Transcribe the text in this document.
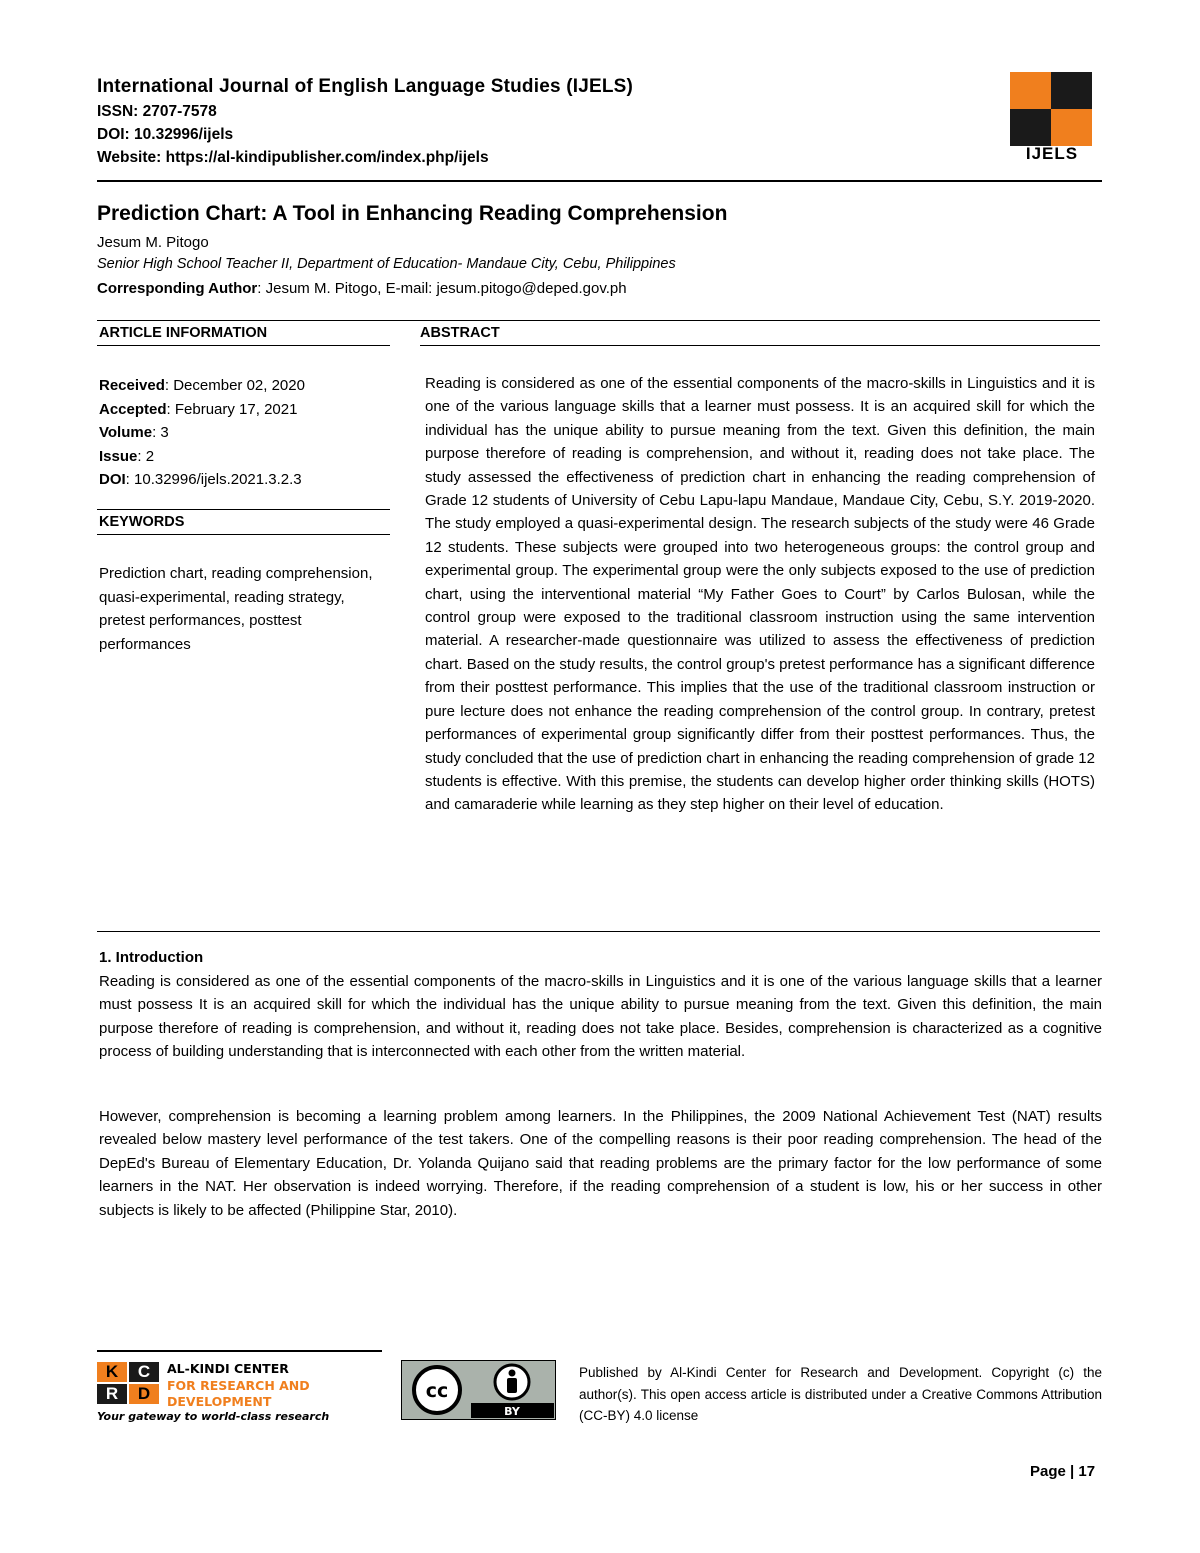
International Journal of English Language Studies (IJELS)
ISSN: 2707-7578
DOI: 10.32996/ijels
Website: https://al-kindipublisher.com/index.php/ijels	IJELS
Prediction Chart: A Tool in Enhancing Reading Comprehension
Jesum M. Pitogo
Senior High School Teacher II, Department of Education- Mandaue City, Cebu, Philippines
Corresponding Author: Jesum M. Pitogo, E-mail: jesum.pitogo@deped.gov.ph
ARTICLE INFORMATION	ABSTRACT
Received: December 02, 2020
Accepted: February 17, 2021
Volume: 3
Issue: 2
DOI: 10.32996/ijels.2021.3.2.3
KEYWORDS
Prediction chart, reading comprehension, quasi-experimental, reading strategy, pretest performances, posttest performances
Reading is considered as one of the essential components of the macro-skills in Linguistics and it is one of the various language skills that a learner must possess. It is an acquired skill for which the individual has the unique ability to pursue meaning from the text. Given this definition, the main purpose therefore of reading is comprehension, and without it, reading does not take place. The study assessed the effectiveness of prediction chart in enhancing the reading comprehension of Grade 12 students of University of Cebu Lapu-lapu Mandaue, Mandaue City, Cebu, S.Y. 2019-2020. The study employed a quasi-experimental design. The research subjects of the study were 46 Grade 12 students. These subjects were grouped into two heterogeneous groups: the control group and experimental group. The experimental group were the only subjects exposed to the use of prediction chart, using the interventional material “My Father Goes to Court” by Carlos Bulosan, while the control group were exposed to the traditional classroom instruction using the same intervention material. A researcher-made questionnaire was utilized to assess the effectiveness of prediction chart. Based on the study results, the control group's pretest performance has a significant difference from their posttest performance. This implies that the use of the traditional classroom instruction or pure lecture does not enhance the reading comprehension of the control group. In contrary, pretest performances of experimental group significantly differ from their posttest performances. Thus, the study concluded that the use of prediction chart in enhancing the reading comprehension of grade 12 students is effective. With this premise, the students can develop higher order thinking skills (HOTS) and camaraderie while learning as they step higher on their level of education.
1. Introduction
Reading is considered as one of the essential components of the macro-skills in Linguistics and it is one of the various language skills that a learner must possess It is an acquired skill for which the individual has the unique ability to pursue meaning from the text. Given this definition, the main purpose therefore of reading is comprehension, and without it, reading does not take place. Besides, comprehension is characterized as a cognitive process of building understanding that is interconnected with each other from the written material.
However, comprehension is becoming a learning problem among learners. In the Philippines, the 2009 National Achievement Test (NAT) results revealed below mastery level performance of the test takers. One of the compelling reasons is their poor reading comprehension. The head of the DepEd's Bureau of Elementary Education, Dr. Yolanda Quijano said that reading problems are the primary factor for the low performance of some learners in the NAT. Her observation is indeed worrying. Therefore, if the reading comprehension of a student is low, his or her success in other subjects is likely to be affected (Philippine Star, 2010).
K	C
R	D
AL-KINDI CENTER
FOR RESEARCH AND
DEVELOPMENT
Your gateway to world-class research
cc
BY
Published by Al-Kindi Center for Research and Development. Copyright (c) the author(s). This open access article is distributed under a Creative Commons Attribution (CC-BY) 4.0 license
Page | 17
